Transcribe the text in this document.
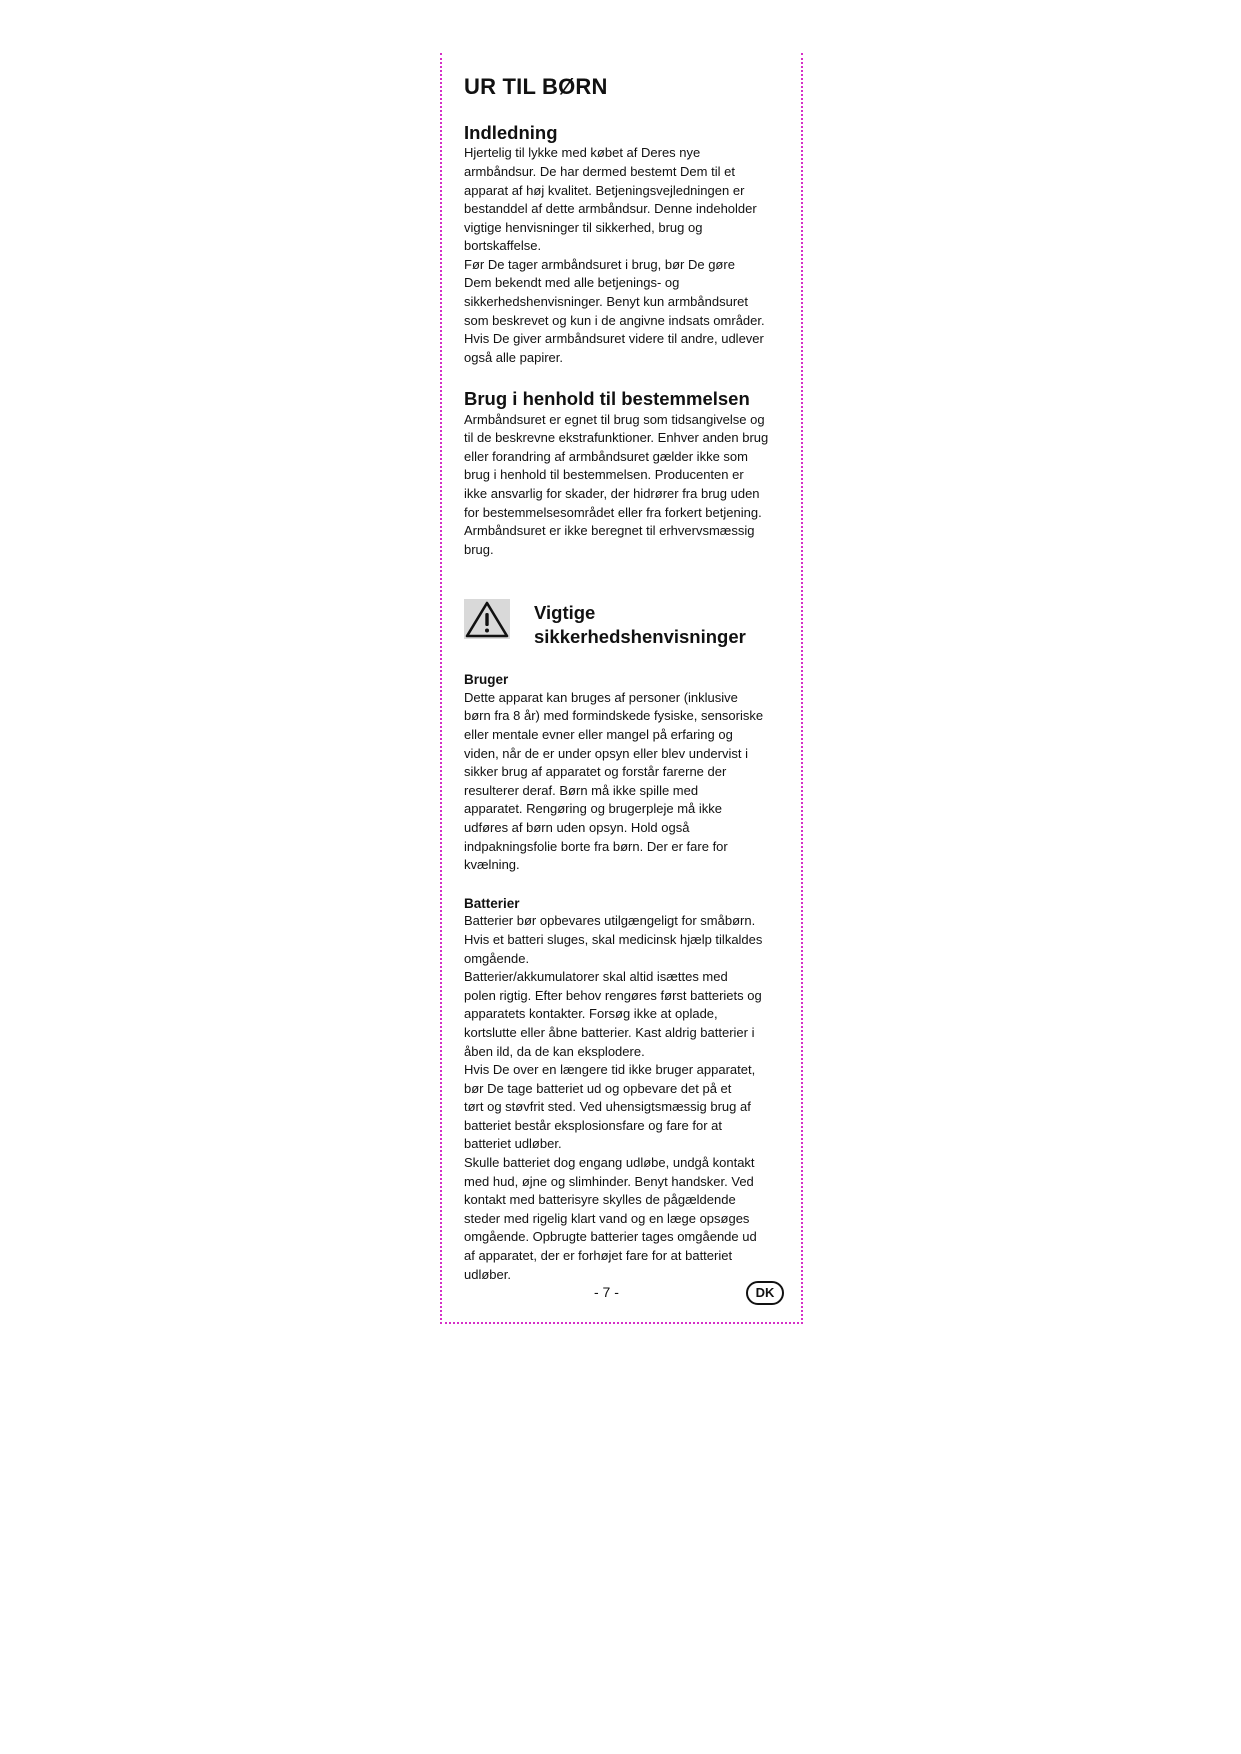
UR TIL BØRN
Indledning

Hjertelig til lykke med købet af Deres nye
armbåndsur. De har dermed bestemt Dem til et
apparat af høj kvalitet. Betjeningsvejledningen er
bestanddel af dette armbåndsur. Denne indeholder
vigtige henvisninger til sikkerhed, brug og
bortskaffelse.
Før De tager armbåndsuret i brug, bør De gøre
Dem bekendt med alle betjenings- og
sikkerhedshenvisninger. Benyt kun armbåndsuret
som beskrevet og kun i de angivne indsats områder.
Hvis De giver armbåndsuret videre til andre, udlever
også alle papirer.

Brug i henhold til bestemmelsen

Armbåndsuret er egnet til brug som tidsangivelse og
til de beskrevne ekstrafunktioner. Enhver anden brug
eller forandring af armbåndsuret gælder ikke som
brug i henhold til bestemmelsen. Producenten er
ikke ansvarlig for skader, der hidrører fra brug uden
for bestemmelsesområdet eller fra forkert betjening.
Armbåndsuret er ikke beregnet til erhvervsmæssig
brug.

Vigtige
sikkerhedshenvisninger
Bruger

Dette apparat kan bruges af personer (inklusive
børn fra 8 år) med formindskede fysiske, sensoriske
eller mentale evner eller mangel på erfaring og
viden, når de er under opsyn eller blev undervist i
sikker brug af apparatet og forstår farerne der
resulterer deraf. Børn må ikke spille med
apparatet. Rengøring og brugerpleje må ikke
udføres af børn uden opsyn. Hold også
indpakningsfolie borte fra børn. Der er fare for
kvælning.

Batterier

Batterier bør opbevares utilgængeligt for småbørn.
Hvis et batteri sluges, skal medicinsk hjælp tilkaldes
omgående.
Batterier/akkumulatorer skal altid isættes med
polen rigtig. Efter behov rengøres først batteriets og
apparatets kontakter. Forsøg ikke at oplade,
kortslutte eller åbne batterier. Kast aldrig batterier i
åben ild, da de kan eksplodere.
Hvis De over en længere tid ikke bruger apparatet,
bør De tage batteriet ud og opbevare det på et
tørt og støvfrit sted. Ved uhensigtsmæssig brug af
batteriet består eksplosionsfare og fare for at
batteriet udløber.
Skulle batteriet dog engang udløbe, undgå kontakt
med hud, øjne og slimhinder. Benyt handsker. Ved
kontakt med batterisyre skylles de pågældende
steder med rigelig klart vand og en læge opsøges
omgående. Opbrugte batterier tages omgående ud
af apparatet, der er forhøjet fare for at batteriet
udløber.

- 7 -	DK
